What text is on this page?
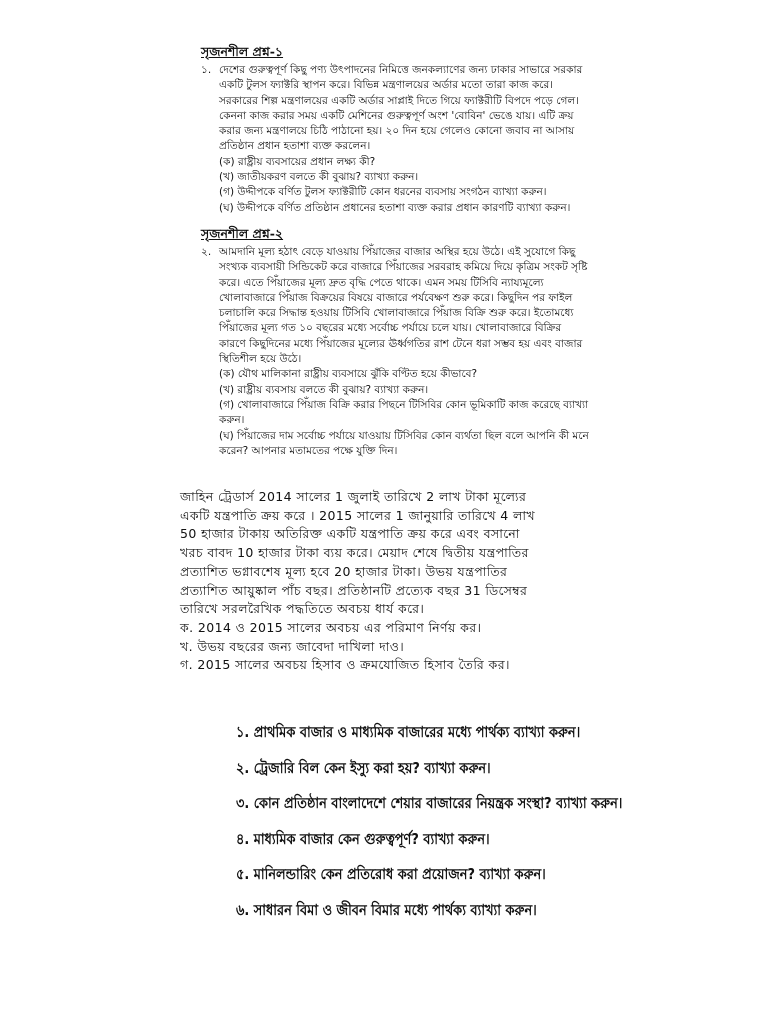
সৃজনশীল প্রশ্ন-১
১. দেশের গুরুত্বপূর্ণ কিছু পণ্য উৎপাদনের নিমিত্তে জনকল্যাণের জন্য ঢাকার সাভারে সরকার একটি টুলস ফ্যাক্টরি স্থাপন করে। বিভিন্ন মন্ত্রণালয়ের অর্ডার মতো তারা কাজ করে। সরকারের শিল্প মন্ত্রণালয়ের একটি অর্ডার সাপ্লাই দিতে গিয়ে ফ্যাক্টরীটি বিপদে পড়ে গেল। কেননা কাজ করার সময় একটি মেশিনের গুরুত্বপূর্ণ অংশ 'বোবিন' ভেঙে যায়। এটি ক্রয় করার জন্য মন্ত্রণালয়ে চিঠি পাঠানো হয়। ২০ দিন হয়ে গেলেও কোনো জবাব না আসায় প্রতিষ্ঠান প্রধান হতাশা ব্যক্ত করলেন।
(ক) রাষ্ট্রীয় ব্যবসায়ের প্রধান লক্ষ্য কী?
(খ) জাতীয়করণ বলতে কী বুঝায়? ব্যাখ্যা করুন।
(গ) উদ্দীপকে বর্ণিত টুলস ফ্যাক্টরীটি কোন ধরনের ব্যবসায় সংগঠন ব্যাখ্যা করুন।
(ঘ) উদ্দীপকে বর্ণিত প্রতিষ্ঠান প্রধানের হতাশা ব্যক্ত করার প্রধান কারণটি ব্যাখ্যা করুন।
সৃজনশীল প্রশ্ন-২
২. আমদানি মূল্য হঠাৎ বেড়ে যাওয়ায় পিঁয়াজের বাজার অস্থির হয়ে উঠে। এই সুযোগে কিছু সংখ্যক ব্যবসায়ী সিন্ডিকেট করে বাজারে পিঁয়াজের সরবরাহ কমিয়ে দিয়ে কৃত্রিম সংকট সৃষ্টি করে। এতে পিঁয়াজের মূল্য দ্রুত বৃদ্ধি পেতে থাকে। এমন সময় টিসিবি ন্যায্যমূল্যে খোলাবাজারে পিঁয়াজ বিক্রয়ের বিষয়ে বাজারে পর্যবেক্ষণ শুরু করে। কিছুদিন পর ফাইল চলাচালি করে সিদ্ধান্ত হওয়ায় টিসিবি খোলাবাজারে পিঁয়াজ বিক্রি শুরু করে। ইতোমধ্যে পিঁয়াজের মূল্য গত ১০ বছরের মধ্যে সর্বোচ্চ পর্যায়ে চলে যায়। খোলাবাজারে বিক্রির কারণে কিছুদিনের মধ্যে পিঁয়াজের মূল্যের ঊর্ধ্বগতির রাশ টেনে ধরা সম্ভব হয় এবং বাজার স্থিতিশীল হয়ে উঠে।
(ক) যৌথ মালিকানা রাষ্ট্রীয় ব্যবসায়ে ঝুঁকি বণ্টিত হয়ে কীভাবে?
(খ) রাষ্ট্রীয় ব্যবসায় বলতে কী বুঝায়? ব্যাখ্যা করুন।
(গ) খোলাবাজারে পিঁয়াজ বিক্রি করার পিছনে টিসিবির কোন ভূমিকাটি কাজ করেছে ব্যাখ্যা করুন।
(ঘ) পিঁয়াজের দাম সর্বোচ্চ পর্যায়ে যাওয়ায় টিসিবির কোন ব্যর্থতা ছিল বলে আপনি কী মনে করেন? আপনার মতামতের পক্ষে যুক্তি দিন।
জাহিন ট্রেডার্স 2014 সালের 1 জুলাই তারিখে 2 লাখ টাকা মূল্যের
একটি যন্ত্রপাতি ক্রয় করে । 2015 সালের 1 জানুয়ারি তারিখে 4 লাখ
50 হাজার টাকায় অতিরিক্ত একটি যন্ত্রপাতি ক্রয় করে এবং বসানো
খরচ বাবদ 10 হাজার টাকা ব্যয় করে। মেয়াদ শেষে দ্বিতীয় যন্ত্রপাতির
প্রত্যাশিত ভগ্নাবশেষ মূল্য হবে 20 হাজার টাকা। উভয় যন্ত্রপাতির
প্রত্যাশিত আয়ুষ্কাল পাঁচ বছর। প্রতিষ্ঠানটি প্রত্যেক বছর 31 ডিসেম্বর
তারিখে সরলরৈখিক পদ্ধতিতে অবচয় ধার্য করে।
ক. 2014 ও 2015 সালের অবচয় এর পরিমাণ নির্ণয় কর।
খ. উভয় বছরের জন্য জাবেদা দাখিলা দাও।
গ. 2015 সালের অবচয় হিসাব ও ক্রমযোজিত হিসাব তৈরি কর।
১. প্রাথমিক বাজার ও মাধ্যমিক বাজারের মধ্যে পার্থক্য ব্যাখ্যা করুন।
২. ট্রেজারি বিল কেন ইস্যু করা হয়? ব্যাখ্যা করুন।
৩. কোন প্রতিষ্ঠান বাংলাদেশে শেয়ার বাজারের নিয়ন্ত্রক সংস্থা? ব্যাখ্যা করুন।
৪. মাধ্যমিক বাজার কেন গুরুত্বপূর্ণ? ব্যাখ্যা করুন।
৫. মানিলন্ডারিং কেন প্রতিরোধ করা প্রয়োজন? ব্যাখ্যা করুন।
৬. সাধারন বিমা ও জীবন বিমার মধ্যে পার্থক্য ব্যাখ্যা করুন।
